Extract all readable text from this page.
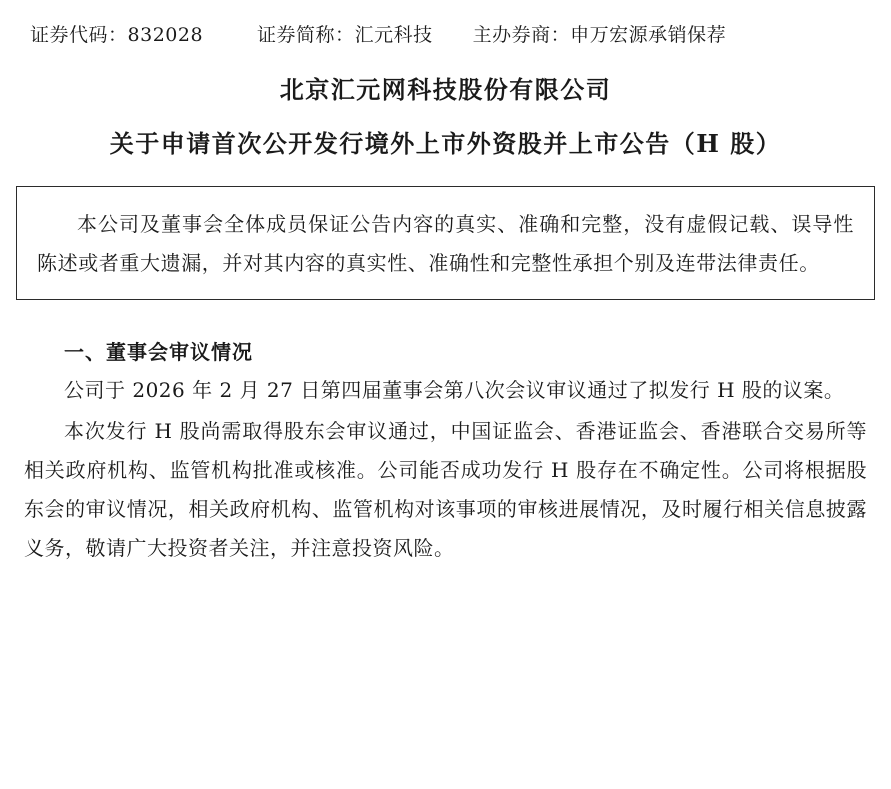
证券代码：832028	证券简称：汇元科技 主办券商：申万宏源承销保荐
北京汇元网科技股份有限公司
关于申请首次公开发行境外上市外资股并上市公告（H 股）

本公司及董事会全体成员保证公告内容的真实、准确和完整，没有虚假记载、误导性陈述或者重大遗漏，并对其内容的真实性、准确性和完整性承担个别及连带法律责任。

一、董事会审议情况

公司于 2026 年 2 月 27 日第四届董事会第八次会议审议通过了拟发行 H 股的议案。

本次发行 H 股尚需取得股东会审议通过，中国证监会、香港证监会、香港联合交易所等相关政府机构、监管机构批准或核准。公司能否成功发行 H 股存在不确定性。公司将根据股东会的审议情况，相关政府机构、监管机构对该事项的审核进展情况，及时履行相关信息披露义务，敬请广大投资者关注，并注意投资风险。
